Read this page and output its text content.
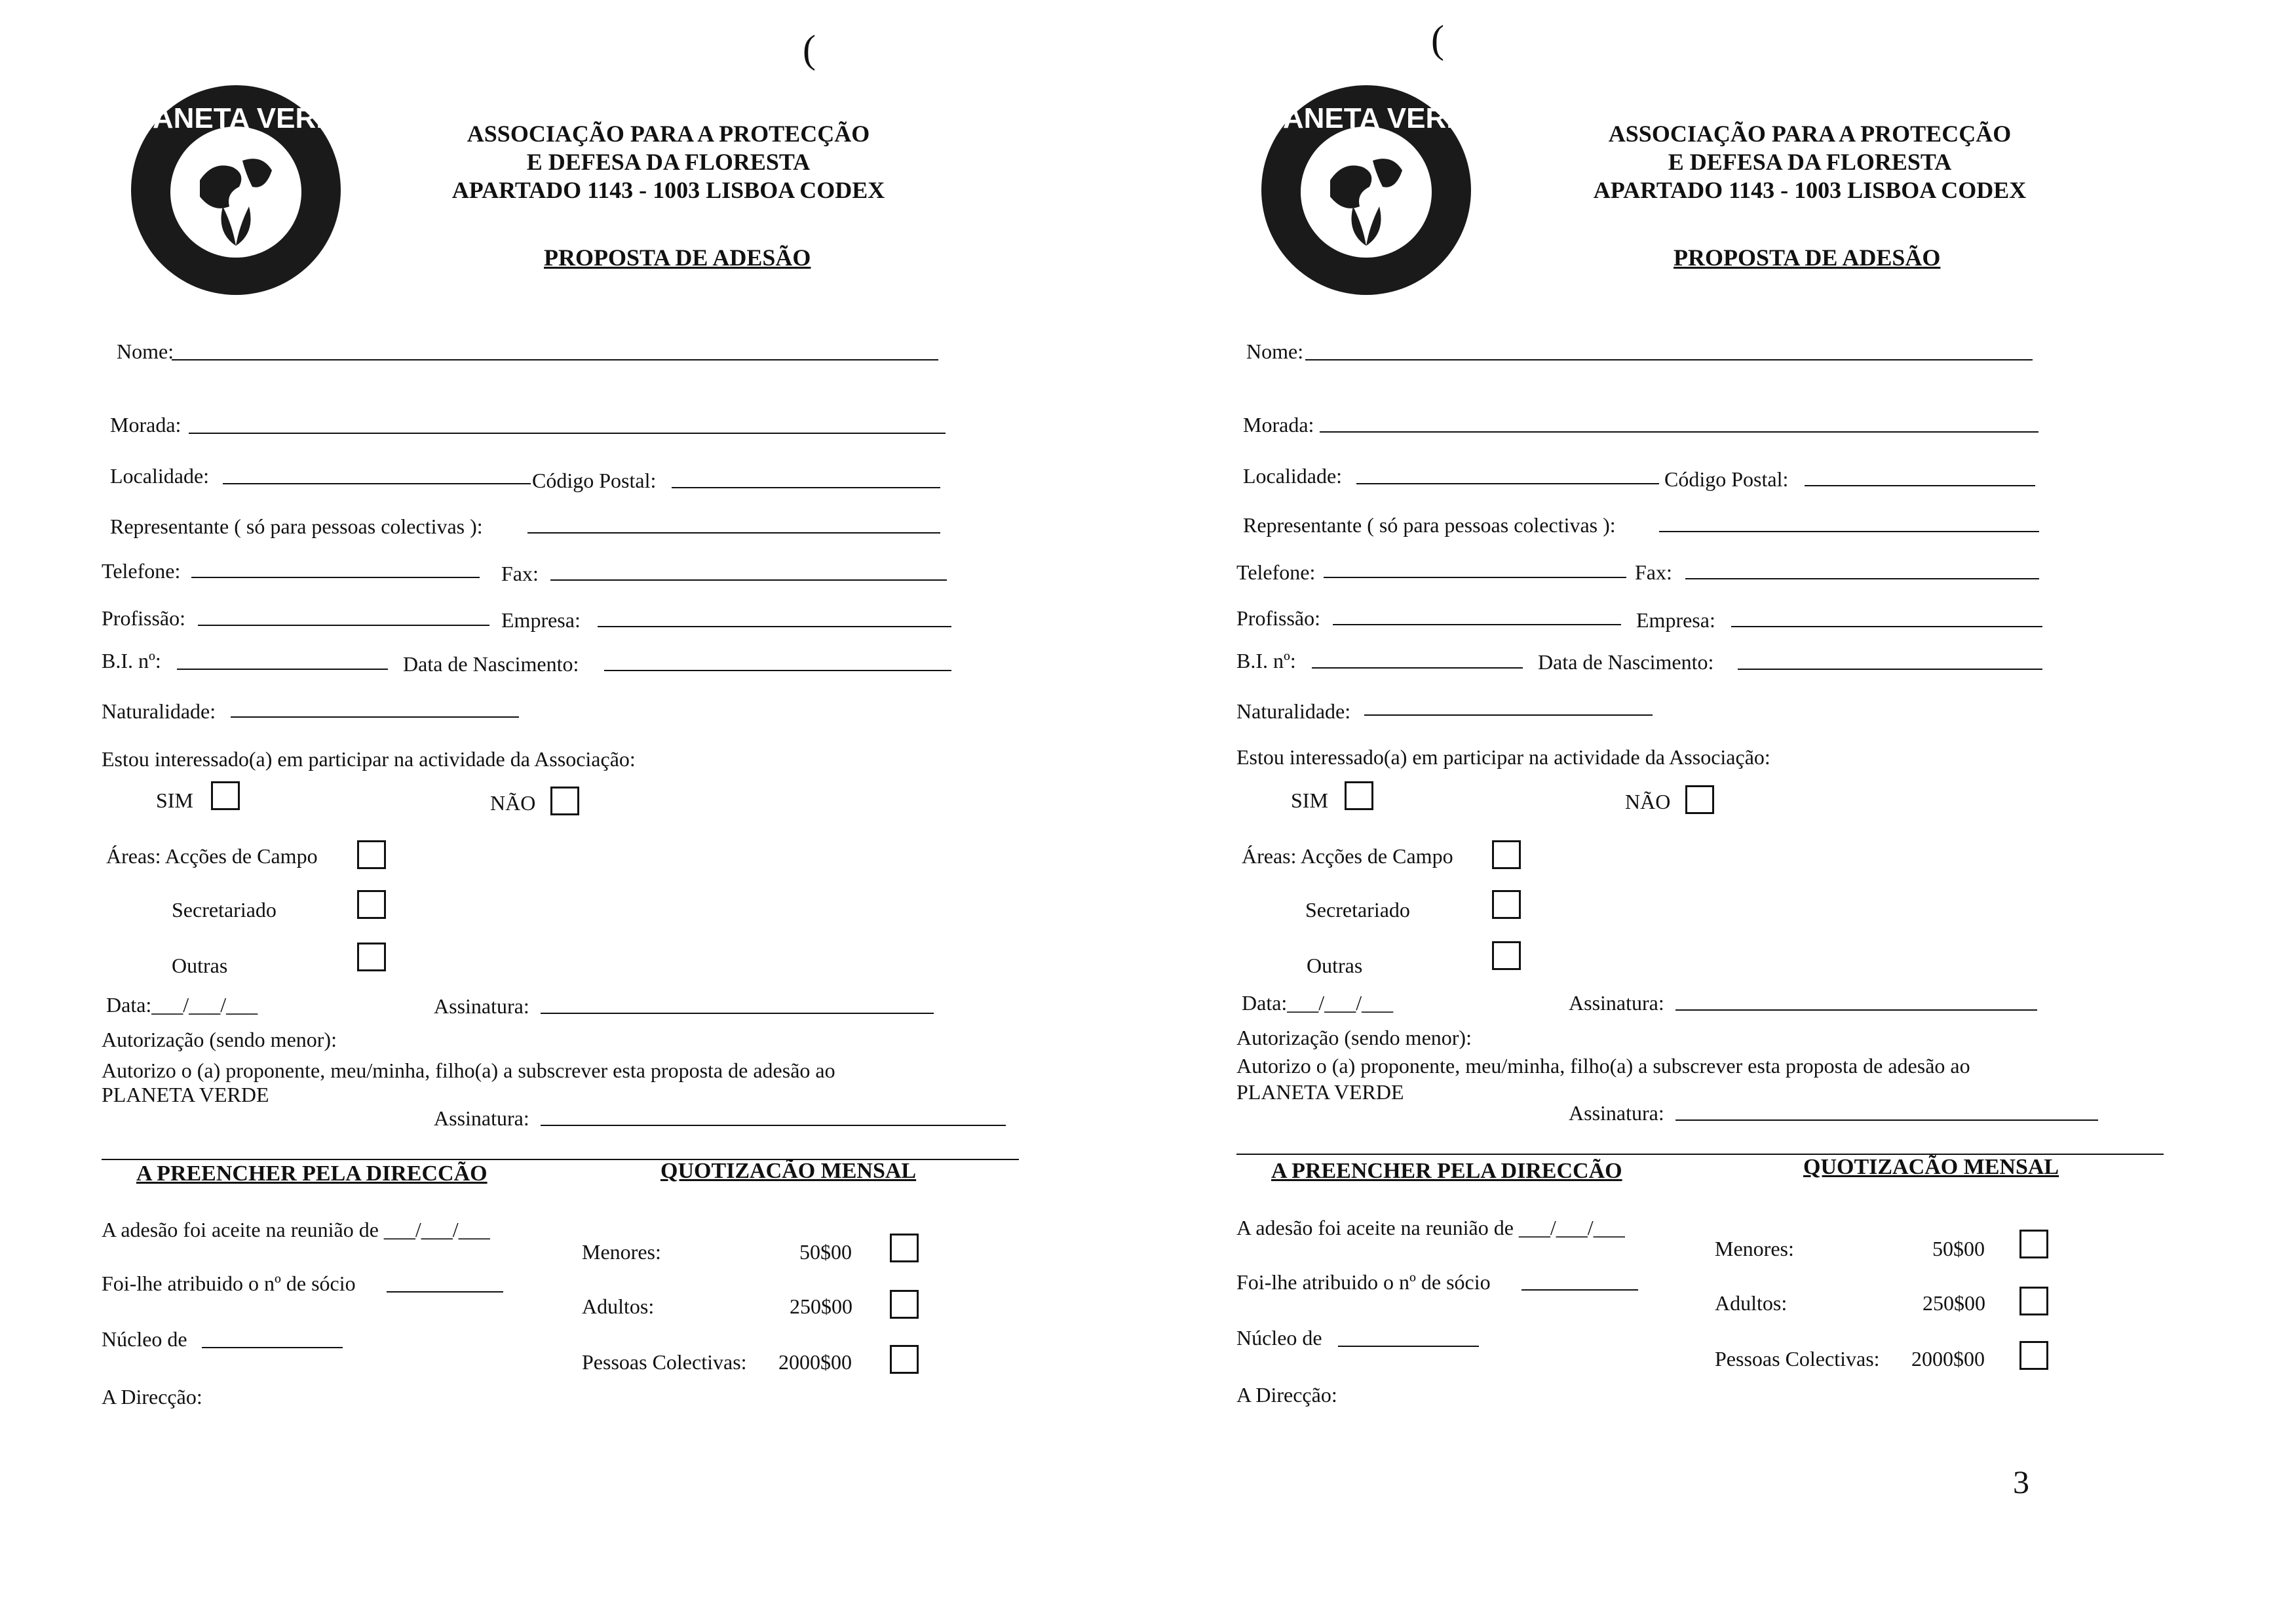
PLANETA VERDE	ASSOCIAÇÃO PARA A PROTECÇÃO
E DEFESA DA FLORESTA
APARTADO 1143 - 1003 LISBOA CODEX
PROPOSTA DE ADESÃO
Nome:
Morada:
Localidade:	Código Postal:
Representante ( só para pessoas colectivas ):
Telefone:	Fax:
Profissão:	Empresa:
B.I. nº:	Data de Nascimento:
Naturalidade:
Estou interessado(a) em participar na actividade da Associação:
SIM	NÃO
Áreas: Acções de Campo
Secretariado
Outras
Data:___/___/___	Assinatura:
Autorização (sendo menor):
Autorizo o (a) proponente, meu/minha, filho(a) a subscrever esta proposta de adesão ao
PLANETA VERDE
Assinatura:
A PREENCHER PELA DIRECCÃO	QUOTIZACÃO MENSAL
A adesão foi aceite na reunião de ___/___/___
Foi-lhe atribuido o nº de sócio
Núcleo de
A Direcção:
Menores:	50$00
Adultos:	250$00
Pessoas Colectivas: 2000$00
(
PLANETA VERDE	ASSOCIAÇÃO PARA A PROTECÇÃO
E DEFESA DA FLORESTA
APARTADO 1143 - 1003 LISBOA CODEX
PROPOSTA DE ADESÃO
Nome:
Morada:
Localidade:	Código Postal:
Representante ( só para pessoas colectivas ):
Telefone:	Fax:
Profissão:	Empresa:
B.I. nº:	Data de Nascimento:
Naturalidade:
Estou interessado(a) em participar na actividade da Associação:
SIM	NÃO
Áreas: Acções de Campo
Secretariado
Outras
Data:___/___/___	Assinatura:
Autorização (sendo menor):
Autorizo o (a) proponente, meu/minha, filho(a) a subscrever esta proposta de adesão ao
PLANETA VERDE
Assinatura:
A PREENCHER PELA DIRECCÃO	QUOTIZACÃO MENSAL
A adesão foi aceite na reunião de ___/___/___
Foi-lhe atribuido o nº de sócio
Núcleo de
A Direcção:
Menores:	50$00
Adultos:	250$00
Pessoas Colectivas: 2000$00
(
3
